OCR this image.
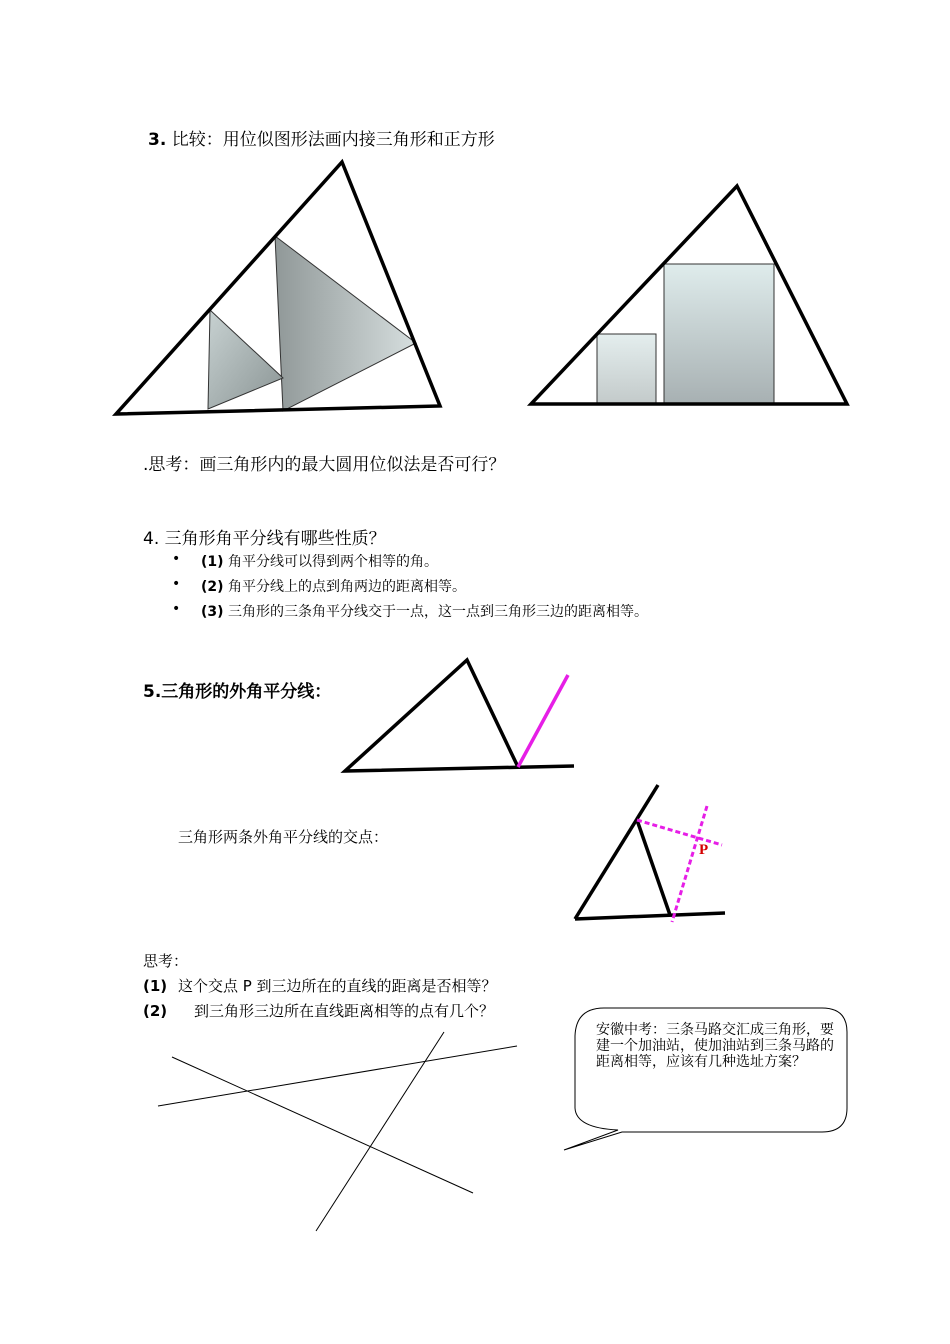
3. 比较：用位似图形法画内接三角形和正方形
.思考：画三角形内的最大圆用位似法是否可行？
4. 三角形角平分线有哪些性质？
• (1) 角平分线可以得到两个相等的角。
• (2) 角平分线上的点到角两边的距离相等。
• (3) 三角形的三条角平分线交于一点，这一点到三角形三边的距离相等。
5.三角形的外角平分线：
三角形两条外角平分线的交点：
思考：
(1) 这个交点 P 到三边所在的直线的距离是否相等？
(2) 到三角形三边所在直线距离相等的点有几个？
P
安徽中考：三条马路交汇成三角形，要建一个加油站，使加油站到三条马路的距离相等，应该有几种选址方案？
